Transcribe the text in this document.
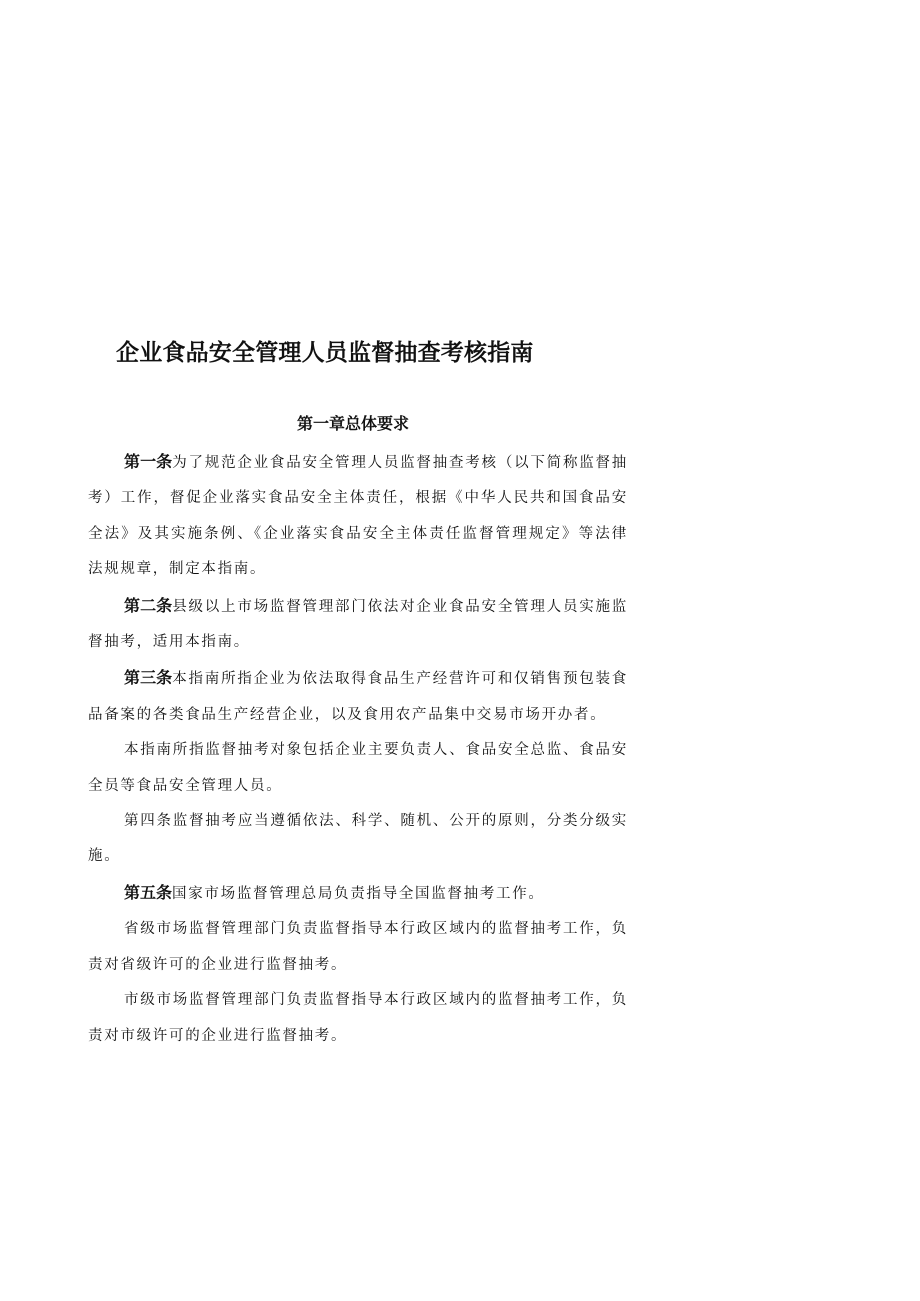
企业食品安全管理人员监督抽查考核指南
第一章总体要求

第一条为了规范企业食品安全管理人员监督抽查考核（以下简称监督抽考）工作，督促企业落实食品安全主体责任，根据《中华人民共和国食品安全法》及其实施条例、《企业落实食品安全主体责任监督管理规定》等法律法规规章，制定本指南。

第二条县级以上市场监督管理部门依法对企业食品安全管理人员实施监督抽考，适用本指南。

第三条本指南所指企业为依法取得食品生产经营许可和仅销售预包装食品备案的各类食品生产经营企业，以及食用农产品集中交易市场开办者。

本指南所指监督抽考对象包括企业主要负责人、食品安全总监、食品安全员等食品安全管理人员。

第四条监督抽考应当遵循依法、科学、随机、公开的原则，分类分级实施。

第五条国家市场监督管理总局负责指导全国监督抽考工作。

省级市场监督管理部门负责监督指导本行政区域内的监督抽考工作，负责对省级许可的企业进行监督抽考。

市级市场监督管理部门负责监督指导本行政区域内的监督抽考工作，负责对市级许可的企业进行监督抽考。
